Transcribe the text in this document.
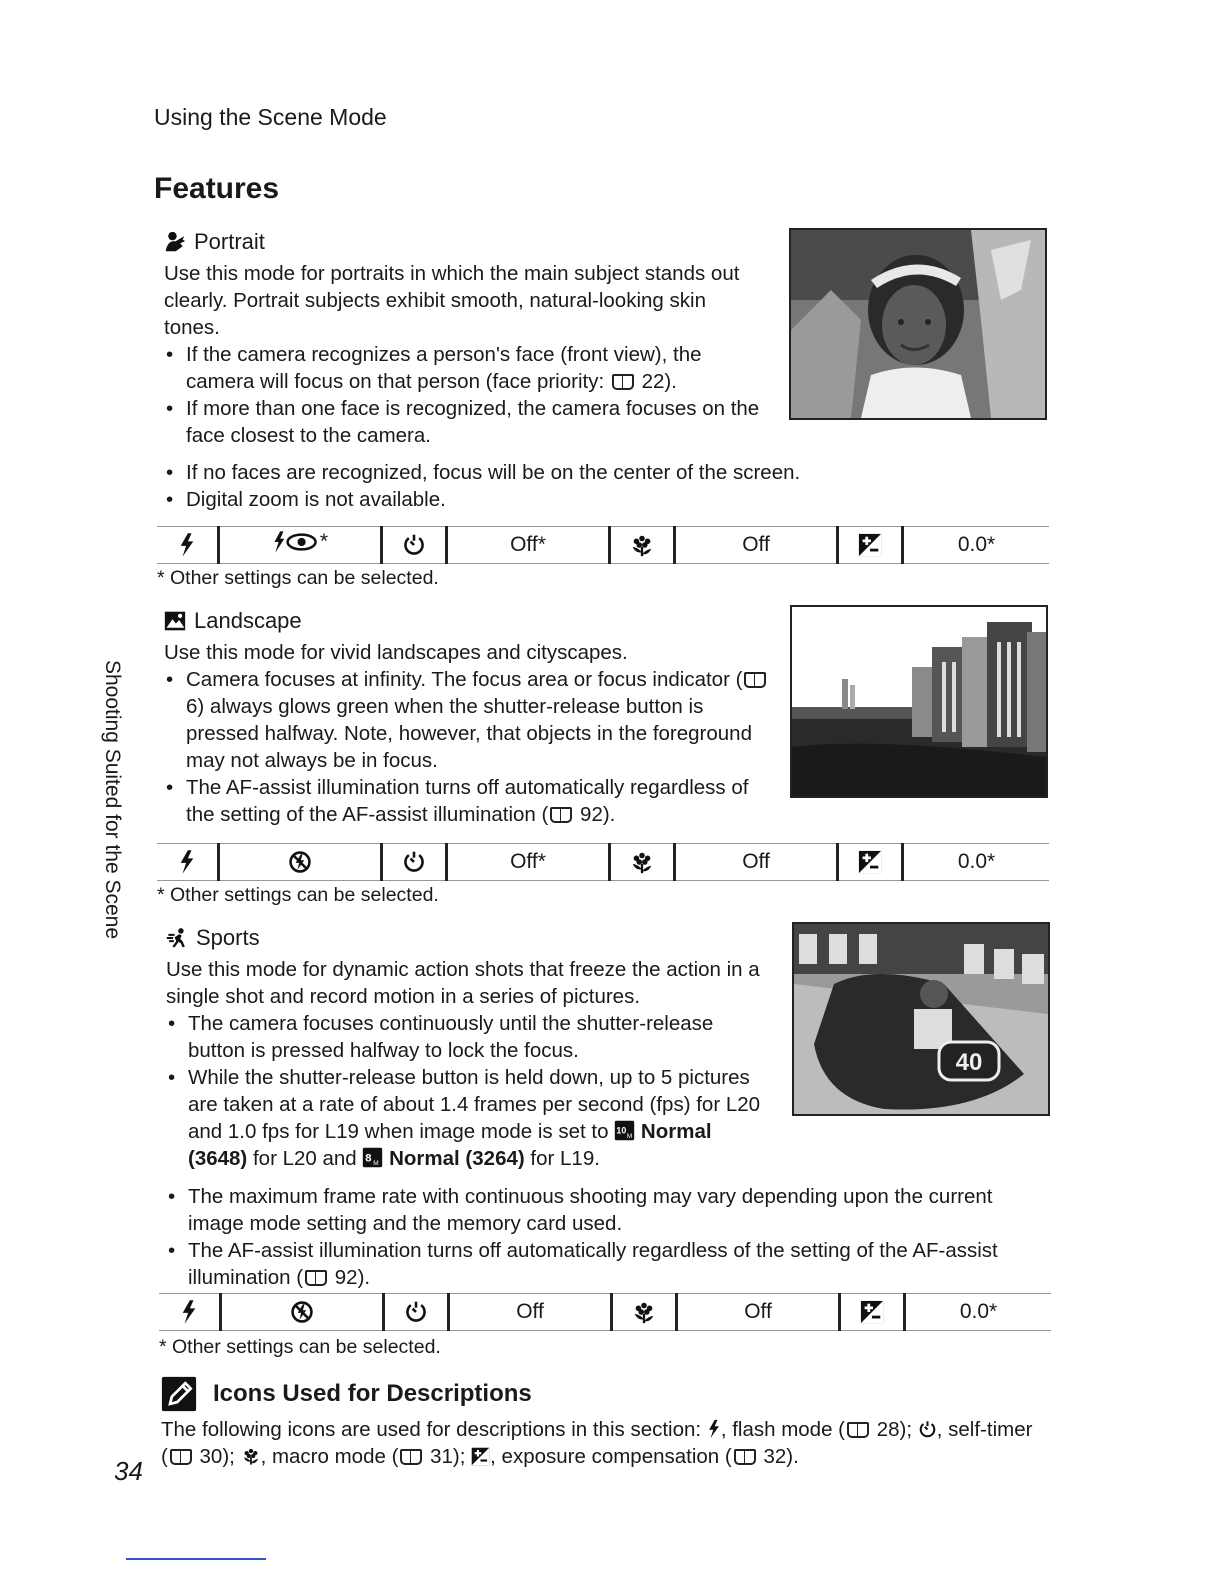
Using the Scene Mode
Features
Shooting Suited for the Scene
Portrait

Use this mode for portraits in which the main subject stands out clearly. Portrait subjects exhibit smooth, natural-looking skin tones.

• If the camera recognizes a person's face (front view), the camera will focus on that person (face priority: 22).
• If more than one face is recognized, the camera focuses on the face closest to the camera.
• If no faces are recognized, focus will be on the center of the screen.
• Digital zoom is not available.

*		Off*		Off		0.0*
* Other settings can be selected.
Landscape

Use this mode for vivid landscapes and cityscapes.

• Camera focuses at infinity. The focus area or focus indicator ( 6) always glows green when the shutter-release button is pressed halfway. Note, however, that objects in the foreground may not always be in focus.
• The AF-assist illumination turns off automatically regardless of the setting of the AF-assist illumination ( 92).

	Off*		Off		0.0*
* Other settings can be selected.
Sports

Use this mode for dynamic action shots that freeze the action in a single shot and record motion in a series of pictures.

• The camera focuses continuously until the shutter-release button is pressed halfway to lock the focus.
• While the shutter-release button is held down, up to 5 pictures are taken at a rate of about 1.4 frames per second (fps) for L20 and 1.0 fps for L19 when image mode is set to Normal (3648) for L20 and Normal (3264) for L19.
• The maximum frame rate with continuous shooting may vary depending upon the current image mode setting and the memory card used.
• The AF-assist illumination turns off automatically regardless of the setting of the AF-assist illumination ( 92).
40

	Off		Off		0.0*
* Other settings can be selected.
Icons Used for Descriptions

The following icons are used for descriptions in this section: , flash mode ( 28); , self-timer ( 30); , macro mode ( 31); , exposure compensation ( 32).

34
